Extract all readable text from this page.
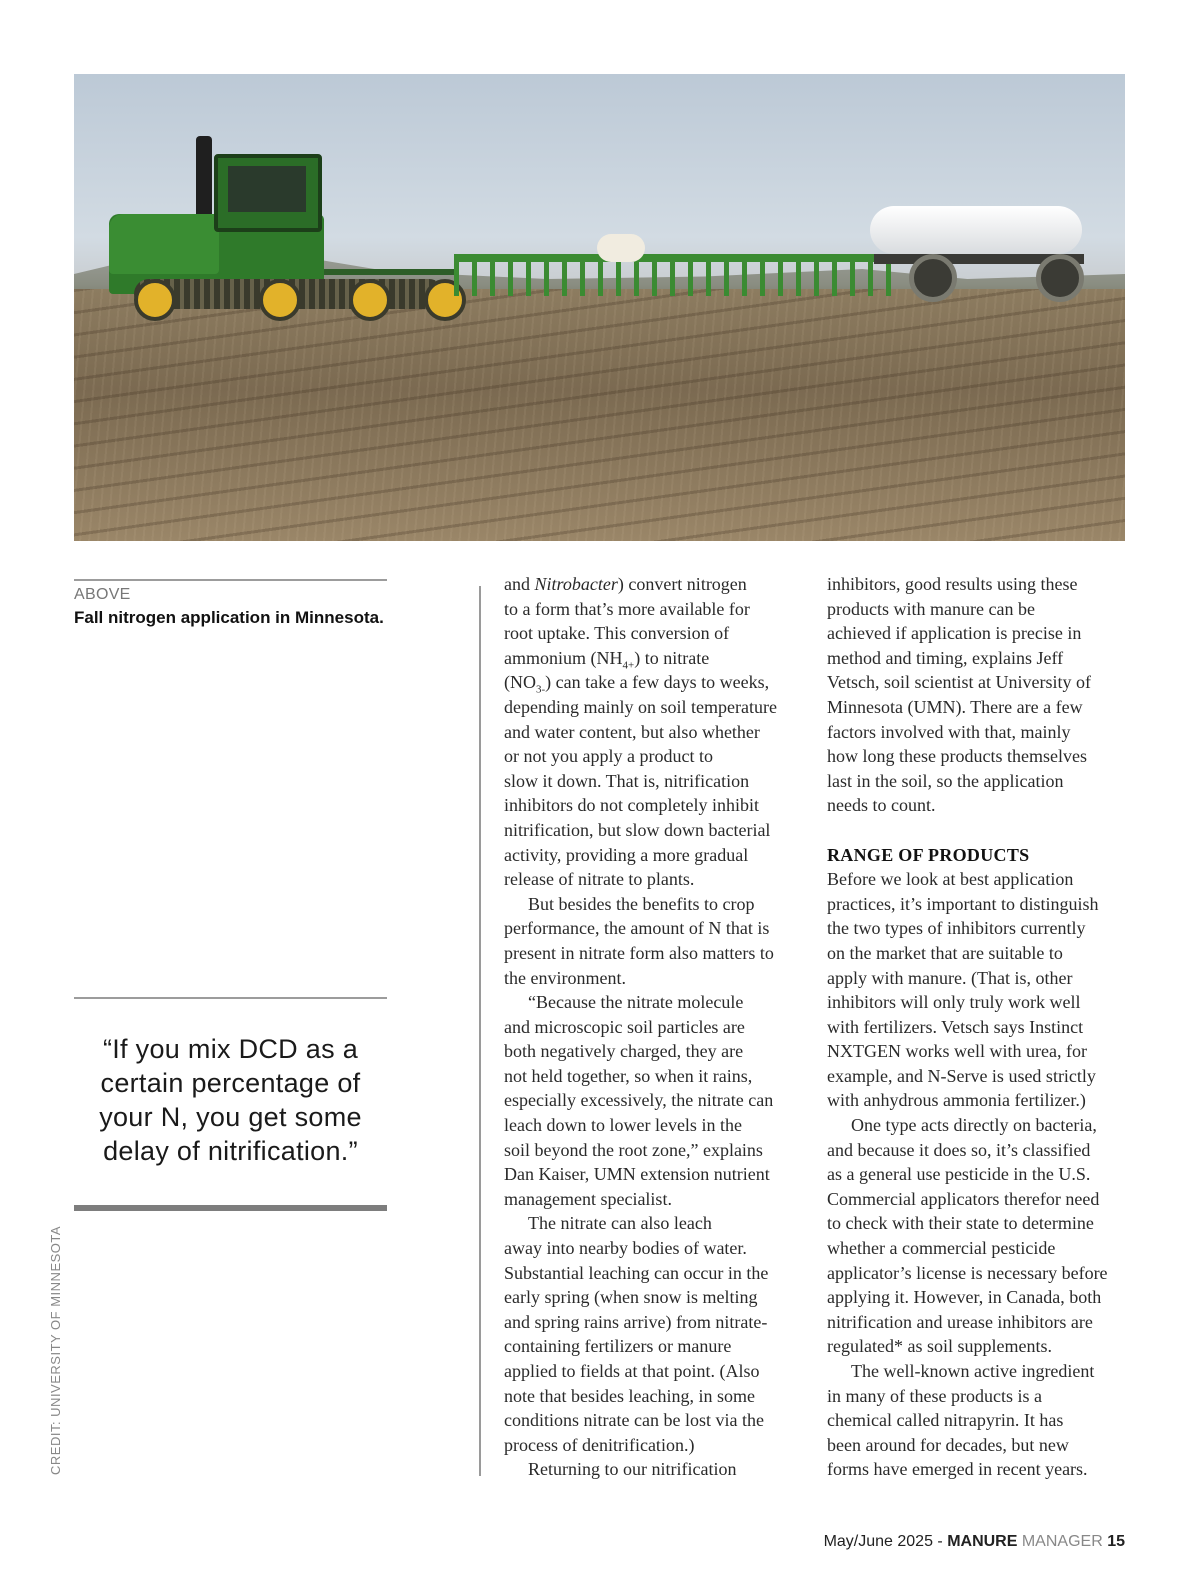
ABOVE
Fall nitrogen application in Minnesota.
“If you mix DCD as a
certain percentage of
your N, you get some
delay of nitrification.”
CREDIT: UNIVERSITY OF MINNESOTA

and Nitrobacter) convert nitrogen

to a form that’s more available for

root uptake. This conversion of

ammonium $(NH_{4+})$ to nitrate

$(NO_{3-})$ can take a few days to weeks,

depending mainly on soil temperature

and water content, but also whether

or not you apply a product to

slow it down. That is, nitrification

inhibitors do not completely inhibit

nitrification, but slow down bacterial

activity, providing a more gradual

release of nitrate to plants.

But besides the benefits to crop

performance, the amount of N that is

present in nitrate form also matters to

the environment.

“Because the nitrate molecule

and microscopic soil particles are

both negatively charged, they are

not held together, so when it rains,

especially excessively, the nitrate can

leach down to lower levels in the

soil beyond the root zone,” explains

Dan Kaiser, UMN extension nutrient

management specialist.

The nitrate can also leach

away into nearby bodies of water.

Substantial leaching can occur in the

early spring (when snow is melting

and spring rains arrive) from nitrate-

containing fertilizers or manure

applied to fields at that point. (Also

note that besides leaching, in some

conditions nitrate can be lost via the

process of denitrification.)

Returning to our nitrification

inhibitors, good results using these

products with manure can be

achieved if application is precise in

method and timing, explains Jeff

Vetsch, soil scientist at University of

Minnesota (UMN). There are a few

factors involved with that, mainly

how long these products themselves

last in the soil, so the application

needs to count.

RANGE OF PRODUCTS

Before we look at best application

practices, it’s important to distinguish

the two types of inhibitors currently

on the market that are suitable to

apply with manure. (That is, other

inhibitors will only truly work well

with fertilizers. Vetsch says Instinct

NXTGEN works well with urea, for

example, and N-Serve is used strictly

with anhydrous ammonia fertilizer.)

One type acts directly on bacteria,

and because it does so, it’s classified

as a general use pesticide in the U.S.

Commercial applicators therefor need

to check with their state to determine

whether a commercial pesticide

applicator’s license is necessary before

applying it. However, in Canada, both

nitrification and urease inhibitors are

regulated* as soil supplements.

The well-known active ingredient

in many of these products is a

chemical called nitrapyrin. It has

been around for decades, but new

forms have emerged in recent years.

May/June 2025 - MANURE MANAGER 15
